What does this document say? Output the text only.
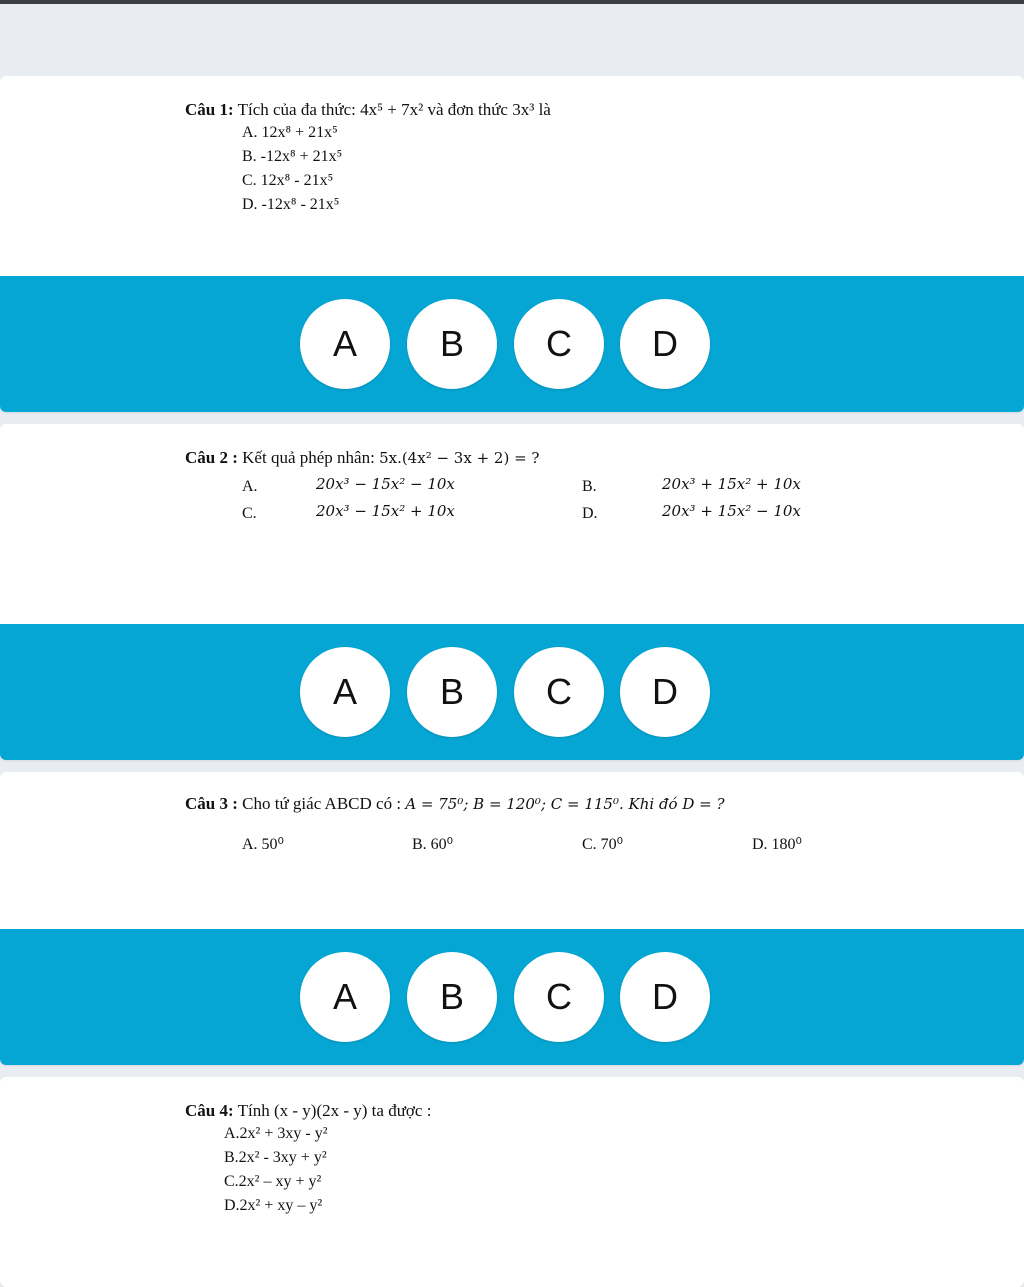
Câu 1: Tích của đa thức: 4x⁵ + 7x² và đơn thức 3x³ là
A. 12x⁸ + 21x⁵
B. -12x⁸ + 21x⁵
C. 12x⁸ - 21x⁵
D. -12x⁸ - 21x⁵
A	B	C	D
Câu 2 : Kết quả phép nhân: 5x.(4x² − 3x + 2) = ?
A.	20x³ − 15x² − 10x	B.	20x³ + 15x² + 10x
C.	20x³ − 15x² + 10x	D.	20x³ + 15x² − 10x
A	B	C	D
Câu 3 : Cho tứ giác ABCD có : A = 75⁰; B = 120⁰; C = 115⁰. Khi đó D = ?
A. 50⁰	B. 60⁰	C. 70⁰	D. 180⁰
A	B	C	D
Câu 4: Tính (x - y)(2x - y) ta được :
A.2x² + 3xy - y²
B.2x² - 3xy + y²
C.2x² – xy + y²
D.2x² + xy – y²
